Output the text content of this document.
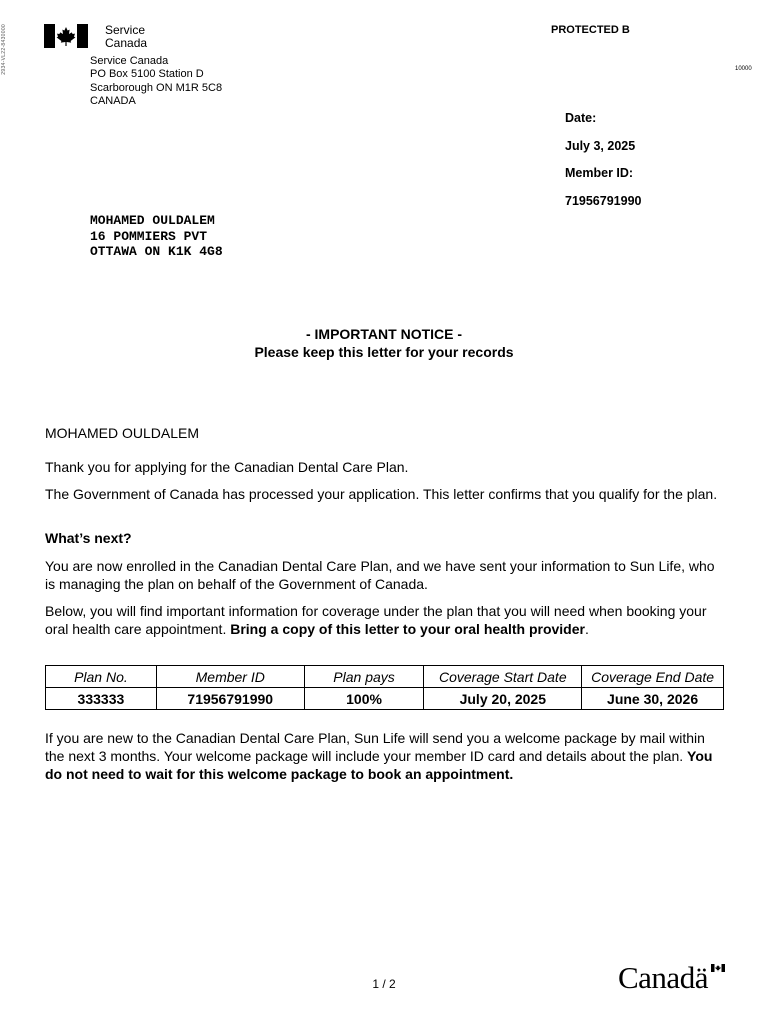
2934-VL22-8430000	Service
Canada
PROTECTED B
10000
Service Canada
PO Box 5100 Station D
Scarborough ON M1R 5C8
CANADA
Date:
July 3, 2025
Member ID:
71956791990
MOHAMED OULDALEM
16 POMMIERS PVT
OTTAWA ON K1K 4G8
- IMPORTANT NOTICE -
Please keep this letter for your records
MOHAMED OULDALEM
Thank you for applying for the Canadian Dental Care Plan.
The Government of Canada has processed your application. This letter confirms that you qualify for the plan.
What’s next?
You are now enrolled in the Canadian Dental Care Plan, and we have sent your information to Sun Life, who is managing the plan on behalf of the Government of Canada.
Below, you will find important information for coverage under the plan that you will need when booking your oral health care appointment. Bring a copy of this letter to your oral health provider.
Plan No.	Member ID	Plan pays	Coverage Start Date	Coverage End Date
333333	71956791990	100%	July 20, 2025	June 30, 2026
If you are new to the Canadian Dental Care Plan, Sun Life will send you a welcome package by mail within the next 3 months. Your welcome package will include your member ID card and details about the plan. You do not need to wait for this welcome package to book an appointment.
1 / 2	Canadä
